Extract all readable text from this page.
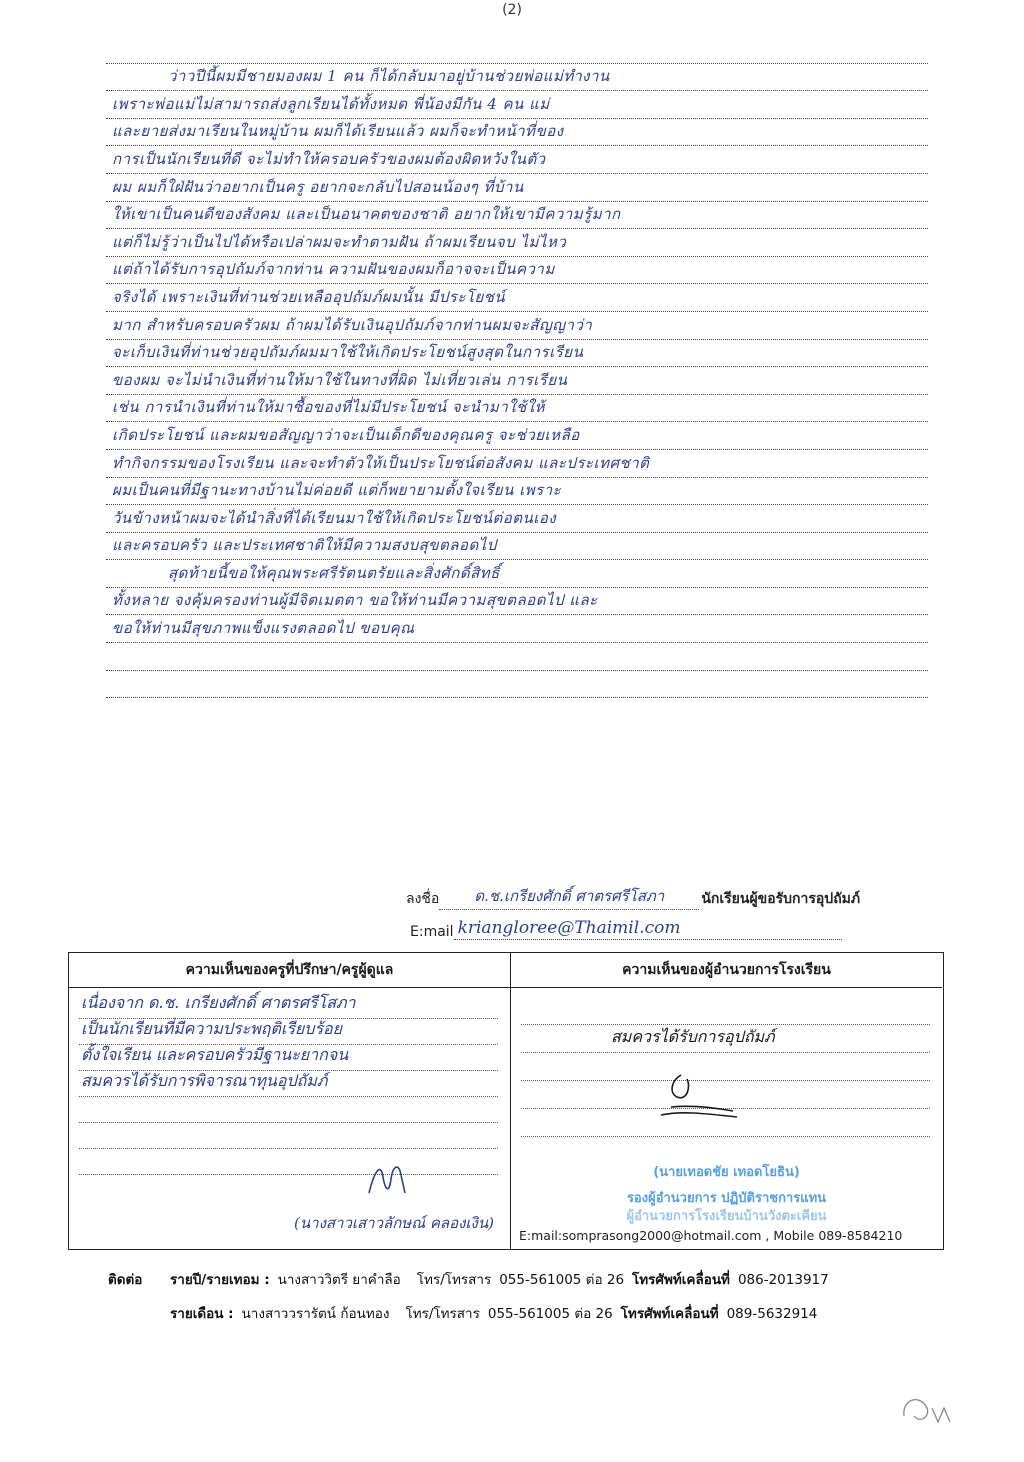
(2)
ว่าวปีนี้ผมมีชายมองผม 1 คน ก็ได้กลับมาอยู่บ้านช่วยพ่อแม่ทำงาน
เพราะพ่อแม่ไม่สามารถส่งลูกเรียนได้ทั้งหมด พี่น้องมีกัน 4 คน แม่
และยายส่งมาเรียนในหมู่บ้าน ผมก็ได้เรียนแล้ว ผมก็จะทำหน้าที่ของ
การเป็นนักเรียนที่ดี จะไม่ทำให้ครอบครัวของผมต้องผิดหวังในตัว
ผม ผมก็ใฝ่ฝันว่าอยากเป็นครู อยากจะกลับไปสอนน้องๆ ที่บ้าน
ให้เขาเป็นคนดีของสังคม และเป็นอนาคตของชาติ อยากให้เขามีความรู้มาก
แต่ก็ไม่รู้ว่าเป็นไปได้หรือเปล่าผมจะทำตามฝัน ถ้าผมเรียนจบ ไม่ไหว
แต่ถ้าได้รับการอุปถัมภ์จากท่าน ความฝันของผมก็อาจจะเป็นความ
จริงได้ เพราะเงินที่ท่านช่วยเหลืออุปถัมภ์ผมนั้น มีประโยชน์
มาก สำหรับครอบครัวผม ถ้าผมได้รับเงินอุปถัมภ์จากท่านผมจะสัญญาว่า
จะเก็บเงินที่ท่านช่วยอุปถัมภ์ผมมาใช้ให้เกิดประโยชน์สูงสุดในการเรียน
ของผม จะไม่นำเงินที่ท่านให้มาใช้ในทางที่ผิด ไม่เที่ยวเล่น การเรียน
เช่น การนำเงินที่ท่านให้มาซื้อของที่ไม่มีประโยชน์ จะนำมาใช้ให้
เกิดประโยชน์ และผมขอสัญญาว่าจะเป็นเด็กดีของคุณครู จะช่วยเหลือ
ทำกิจกรรมของโรงเรียน และจะทำตัวให้เป็นประโยชน์ต่อสังคม และประเทศชาติ
ผมเป็นคนที่มีฐานะทางบ้านไม่ค่อยดี แต่ก็พยายามตั้งใจเรียน เพราะ
วันข้างหน้าผมจะได้นำสิ่งที่ได้เรียนมาใช้ให้เกิดประโยชน์ต่อตนเอง
และครอบครัว และประเทศชาติให้มีความสงบสุขตลอดไป
สุดท้ายนี้ขอให้คุณพระศรีรัตนตรัยและสิ่งศักดิ์สิทธิ์
ทั้งหลาย จงคุ้มครองท่านผู้มีจิตเมตตา ขอให้ท่านมีความสุขตลอดไป และ
ขอให้ท่านมีสุขภาพแข็งแรงตลอดไป ขอบคุณ
ลงชื่อ	ด.ช.เกรียงศักดิ์ ศาตรศรีโสภา	นักเรียนผู้ขอรับการอุปถัมภ์
E:mail kriangloree@Thaimil.com
ความเห็นของครูที่ปรึกษา/ครูผู้ดูแล
เนื่องจาก ด.ช. เกรียงศักดิ์ ศาตรศรีโสภา
เป็นนักเรียนที่มีความประพฤติเรียบร้อย
ตั้งใจเรียน และครอบครัวมีฐานะยากจน
สมควรได้รับการพิจารณาทุนอุปถัมภ์
(นางสาวเสาวลักษณ์ คลองเงิน)
ความเห็นของผู้อำนวยการโรงเรียน
สมควรได้รับการอุปถัมภ์
(นายเทอดชัย เทอดโยธิน)
รองผู้อำนวยการ ปฏิบัติราชการแทน
ผู้อำนวยการโรงเรียนบ้านวังตะเคียน
E:mail:somprasong2000@hotmail.com , Mobile 089-8584210
ติดต่อ	รายปี/รายเทอม : นางสาววิตรี ยาคำลือ โทร/โทรสาร 055-561005 ต่อ 26 โทรศัพท์เคลื่อนที่ 086-2013917
รายเดือน : นางสาววรารัตน์ ก้อนทอง โทร/โทรสาร 055-561005 ต่อ 26 โทรศัพท์เคลื่อนที่ 089-5632914
